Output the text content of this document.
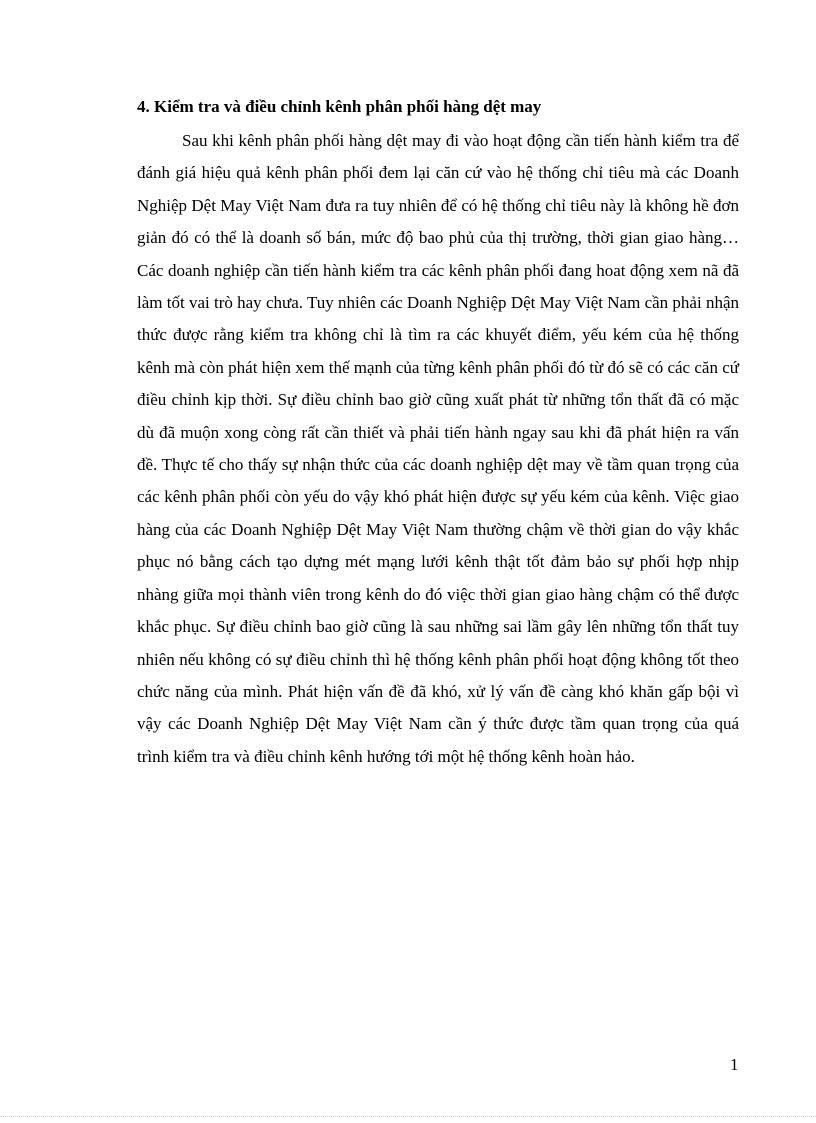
4. Kiểm tra và điều chỉnh kênh phân phối hàng dệt may

Sau khi kênh phân phối hàng dệt may đi vào hoạt động cần tiến hành kiểm tra để đánh giá hiệu quả kênh phân phối đem lại căn cứ vào hệ thống chỉ tiêu mà các Doanh Nghiệp Dệt May Việt Nam đưa ra tuy nhiên để có hệ thống chỉ tiêu này là không hề đơn giản đó có thể là doanh số bán, mức độ bao phủ của thị trường, thời gian giao hàng…Các doanh nghiệp cần tiến hành kiểm tra các kênh phân phối đang hoat động xem nã đã làm tốt vai trò hay chưa. Tuy nhiên các Doanh Nghiệp Dệt May Việt Nam cần phải nhận thức được rằng kiểm tra không chỉ là tìm ra các khuyết điểm, yếu kém của hệ thống kênh mà còn phát hiện xem thế mạnh của từng kênh phân phối đó từ đó sẽ có các căn cứ điều chỉnh kịp thời. Sự điều chỉnh bao giờ cũng xuất phát từ những tổn thất đã có mặc dù đã muộn xong còng rất cần thiết và phải tiến hành ngay sau khi đã phát hiện ra vấn đề. Thực tế cho thấy sự nhận thức của các doanh nghiệp dệt may về tầm quan trọng của các kênh phân phối còn yếu do vậy khó phát hiện được sự yếu kém của kênh. Việc giao hàng của các Doanh Nghiệp Dệt May Việt Nam thường chậm về thời gian do vậy khắc phục nó bằng cách tạo dựng mét mạng lưới kênh thật tốt đảm bảo sự phối hợp nhịp nhàng giữa mọi thành viên trong kênh do đó việc thời gian giao hàng chậm có thể được khắc phục. Sự điều chỉnh bao giờ cũng là sau những sai lầm gây lên những tổn thất tuy nhiên nếu không có sự điều chỉnh thì hệ thống kênh phân phối hoạt động không tốt theo chức năng của mình. Phát hiện vấn đề đã khó, xử lý vấn đề càng khó khăn gấp bội vì vậy các Doanh Nghiệp Dệt May Việt Nam cần ý thức được tầm quan trọng của quá trình kiểm tra và điều chỉnh kênh hướng tới một hệ thống kênh hoàn hảo.

1
